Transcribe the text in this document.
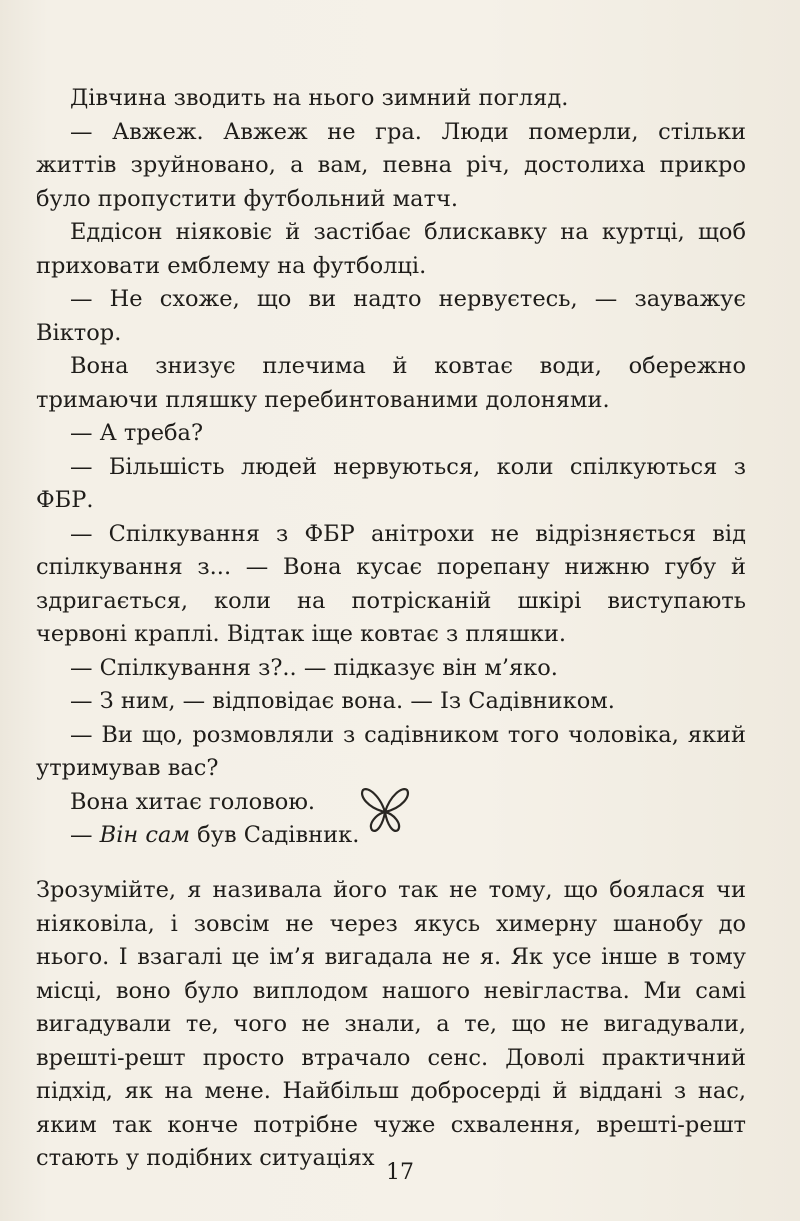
Дівчина зводить на нього зимний погляд.

— Авжеж. Авжеж не гра. Люди померли, стільки життів зруйновано, а вам, певна річ, достолиха прикро було пропустити футбольний матч.

Еддісон ніяковіє й застібає блискавку на куртці, щоб приховати емблему на футболці.

— Не схоже, що ви надто нервуєтесь, — зауважує Віктор.

Вона знизує плечима й ковтає води, обережно тримаючи пляшку перебинтованими долонями.

— А треба?

— Більшість людей нервуються, коли спілкуються з ФБР.

— Спілкування з ФБР анітрохи не відрізняється від спілкування з... — Вона кусає порепану нижню губу й здригається, коли на потрісканій шкірі виступають червоні краплі. Відтак іще ковтає з пляшки.

— Спілкування з?.. — підказує він м’яко.

— З ним, — відповідає вона. — Із Садівником.

— Ви що, розмовляли з садівником того чоловіка, який утримував вас?

Вона хитає головою.

— Він сам був Садівник.

Зрозумійте, я називала його так не тому, що боялася чи ніяковіла, і зовсім не через якусь химерну шанобу до нього. І взагалі це ім’я вигадала не я. Як усе інше в тому місці, воно було виплодом нашого невігластва. Ми самі вигадували те, чого не знали, а те, що не вигадували, врешті-решт просто втрачало сенс. Доволі практичний підхід, як на мене. Найбільш добросерді й віддані з нас, яким так конче потрібне чуже схвалення, врешті-решт стають у подібних ситуаціях

17
